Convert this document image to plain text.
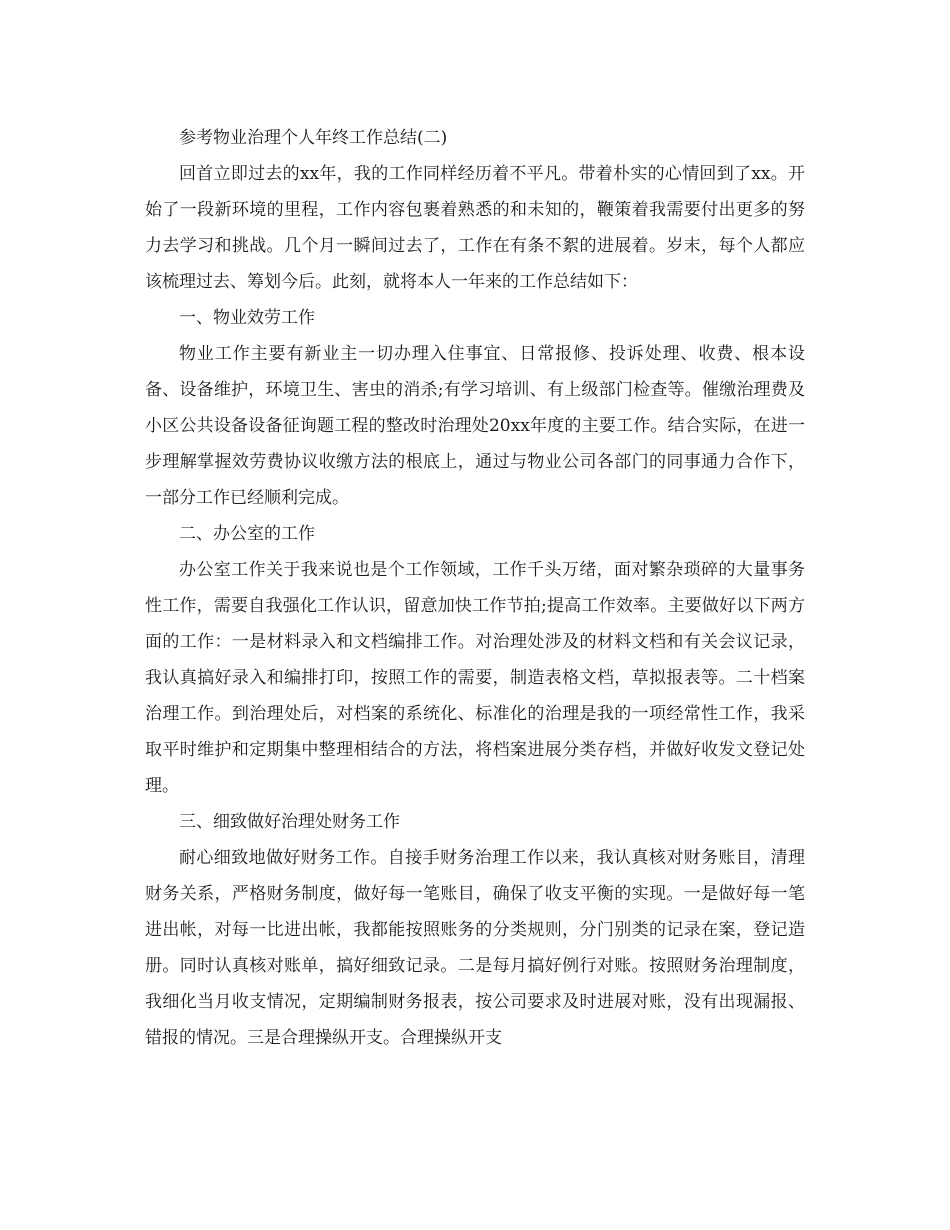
参考物业治理个人年终工作总结(二)

回首立即过去的xx年，我的工作同样经历着不平凡。带着朴实的心情回到了xx。开始了一段新环境的里程，工作内容包裹着熟悉的和未知的，鞭策着我需要付出更多的努力去学习和挑战。几个月一瞬间过去了，工作在有条不絮的进展着。岁末，每个人都应该梳理过去、筹划今后。此刻，就将本人一年来的工作总结如下：

一、物业效劳工作

物业工作主要有新业主一切办理入住事宜、日常报修、投诉处理、收费、根本设备、设备维护，环境卫生、害虫的消杀;有学习培训、有上级部门检查等。催缴治理费及小区公共设备设备征询题工程的整改时治理处20xx年度的主要工作。结合实际，在进一步理解掌握效劳费协议收缴方法的根底上，通过与物业公司各部门的同事通力合作下，一部分工作已经顺利完成。

二、办公室的工作

办公室工作关于我来说也是个工作领域，工作千头万绪，面对繁杂琐碎的大量事务性工作，需要自我强化工作认识，留意加快工作节拍;提高工作效率。主要做好以下两方面的工作：一是材料录入和文档编排工作。对治理处涉及的材料文档和有关会议记录，我认真搞好录入和编排打印，按照工作的需要，制造表格文档，草拟报表等。二十档案治理工作。到治理处后，对档案的系统化、标准化的治理是我的一项经常性工作，我采取平时维护和定期集中整理相结合的方法，将档案进展分类存档，并做好收发文登记处理。

三、细致做好治理处财务工作

耐心细致地做好财务工作。自接手财务治理工作以来，我认真核对财务账目，清理财务关系，严格财务制度，做好每一笔账目，确保了收支平衡的实现。一是做好每一笔进出帐，对每一比进出帐，我都能按照账务的分类规则，分门别类的记录在案，登记造册。同时认真核对账单，搞好细致记录。二是每月搞好例行对账。按照财务治理制度，我细化当月收支情况，定期编制财务报表，按公司要求及时进展对账，没有出现漏报、错报的情况。三是合理操纵开支。合理操纵开支
